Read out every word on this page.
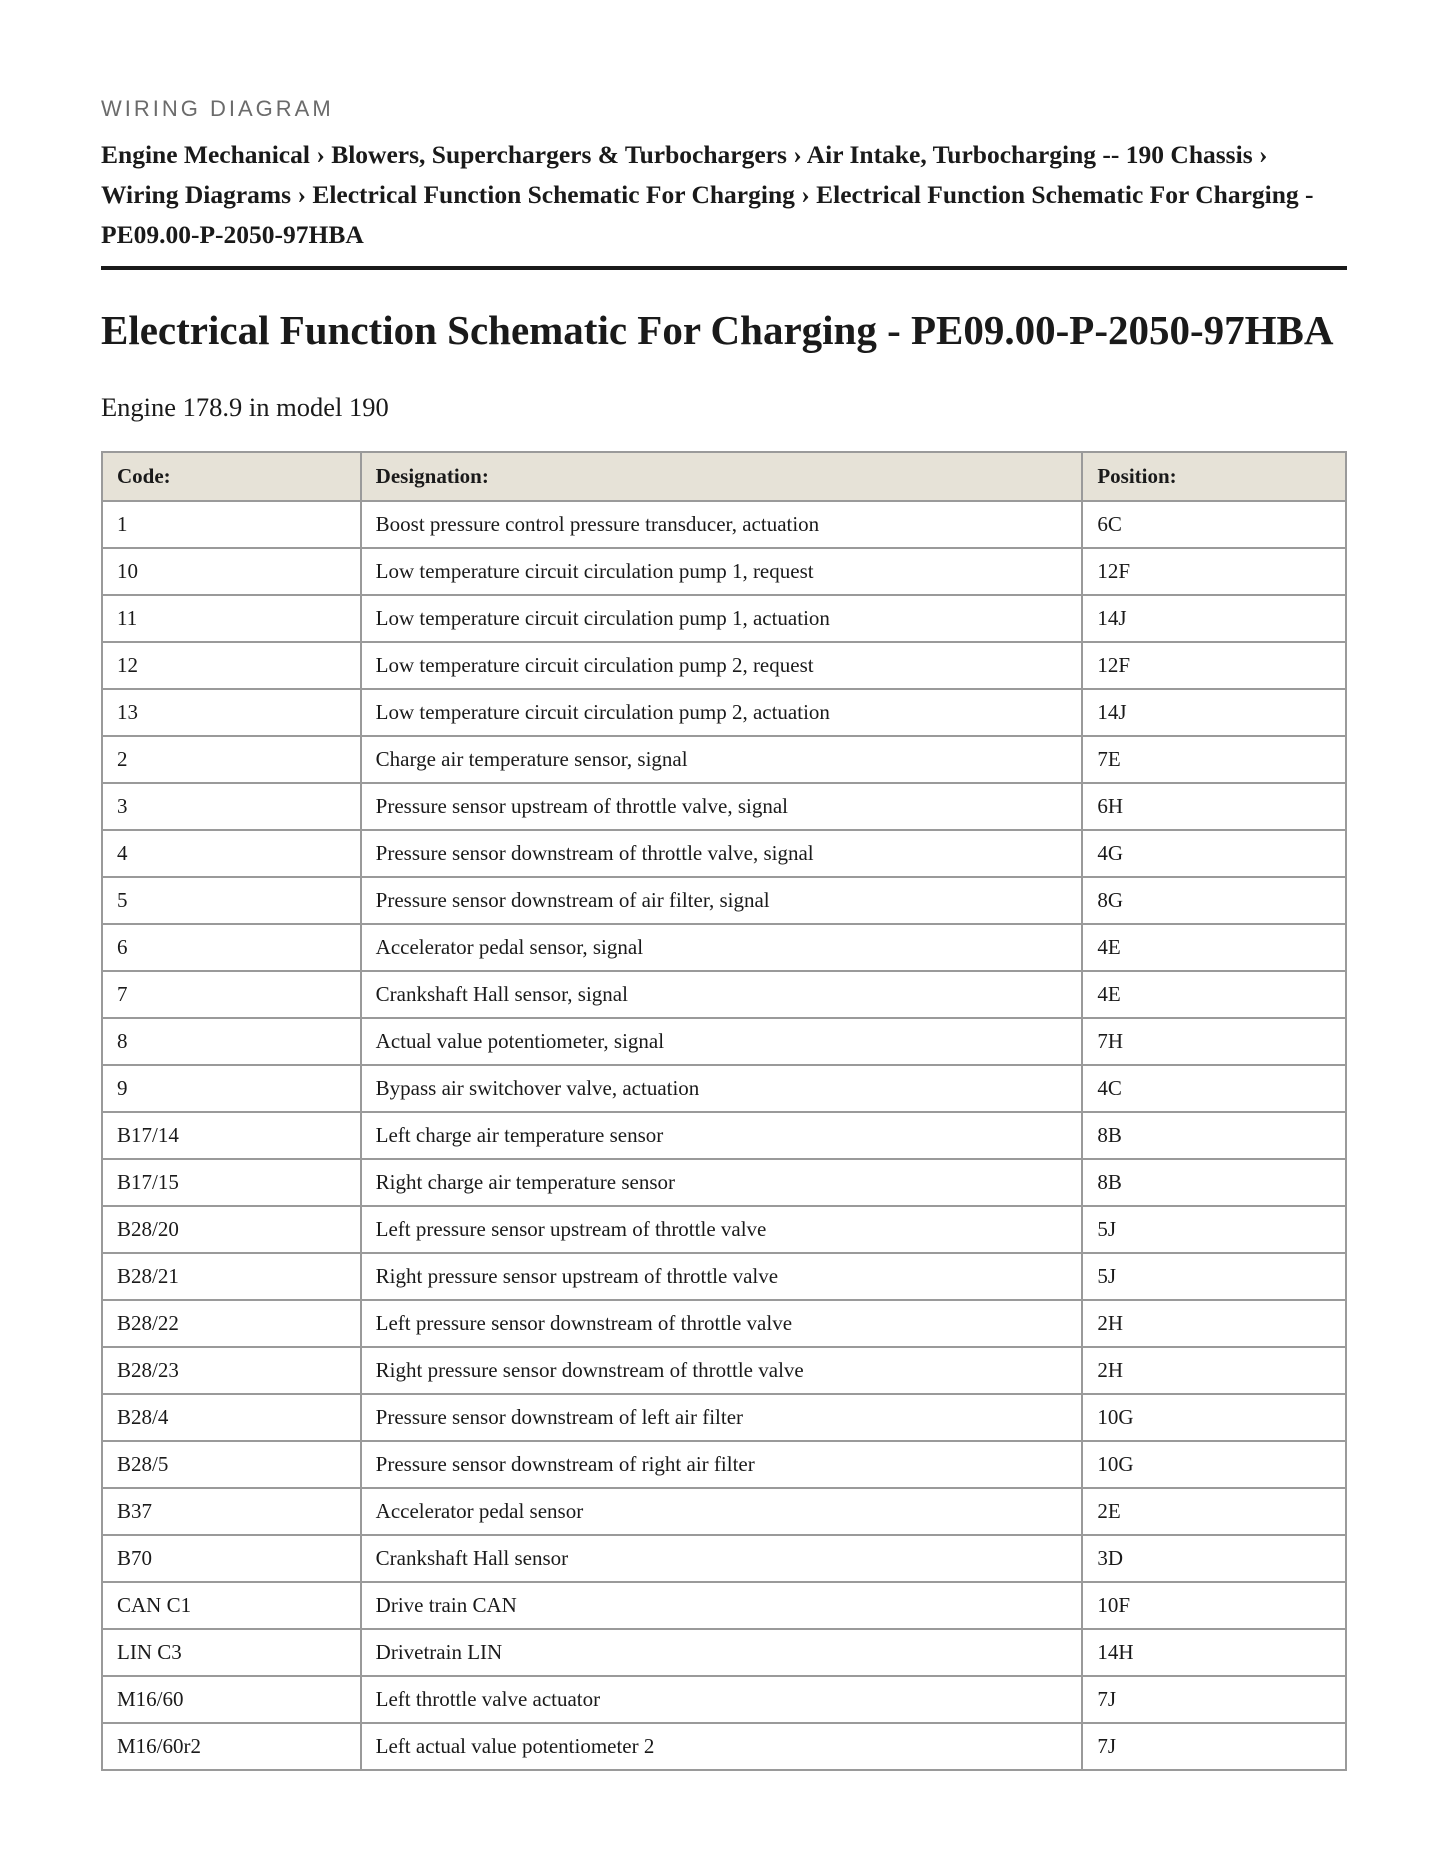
WIRING DIAGRAM

Engine Mechanical › Blowers, Superchargers & Turbochargers › Air Intake, Turbocharging -- 190 Chassis › Wiring Diagrams › Electrical Function Schematic For Charging › Electrical Function Schematic For Charging - PE09.00-P-2050-97HBA
Electrical Function Schematic For Charging - PE09.00-P-2050-97HBA
Engine 178.9 in model 190
Code:	Designation:	Position:
1	Boost pressure control pressure transducer, actuation	6C
10	Low temperature circuit circulation pump 1, request	12F
11	Low temperature circuit circulation pump 1, actuation	14J
12	Low temperature circuit circulation pump 2, request	12F
13	Low temperature circuit circulation pump 2, actuation	14J
2	Charge air temperature sensor, signal	7E
3	Pressure sensor upstream of throttle valve, signal	6H
4	Pressure sensor downstream of throttle valve, signal	4G
5	Pressure sensor downstream of air filter, signal	8G
6	Accelerator pedal sensor, signal	4E
7	Crankshaft Hall sensor, signal	4E
8	Actual value potentiometer, signal	7H
9	Bypass air switchover valve, actuation	4C
B17/14	Left charge air temperature sensor	8B
B17/15	Right charge air temperature sensor	8B
B28/20	Left pressure sensor upstream of throttle valve	5J
B28/21	Right pressure sensor upstream of throttle valve	5J
B28/22	Left pressure sensor downstream of throttle valve	2H
B28/23	Right pressure sensor downstream of throttle valve	2H
B28/4	Pressure sensor downstream of left air filter	10G
B28/5	Pressure sensor downstream of right air filter	10G
B37	Accelerator pedal sensor	2E
B70	Crankshaft Hall sensor	3D
CAN C1	Drive train CAN	10F
LIN C3	Drivetrain LIN	14H
M16/60	Left throttle valve actuator	7J
M16/60r2	Left actual value potentiometer 2	7J
